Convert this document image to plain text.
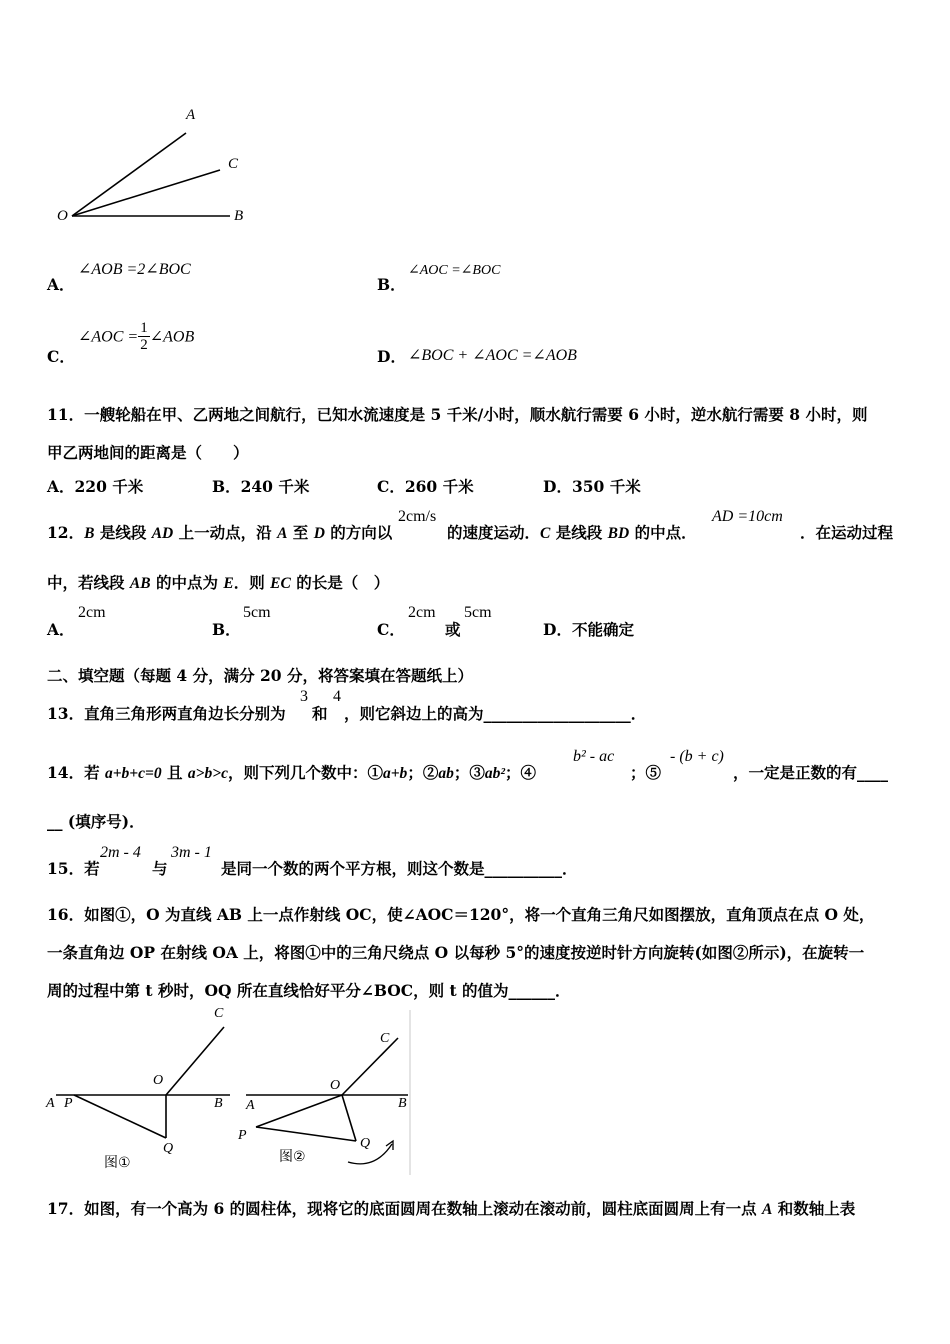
A
C
O	B
A．
∠AOB =2∠BOC
B．
∠AOC =∠BOC
C．
∠AOC = $\frac{1}{2}$ ∠AOB
D． ∠BOC + ∠AOC =∠AOB
11．一艘轮船在甲、乙两地之间航行，已知水流速度是 5 千米/小时，顺水航行需要 6 小时，逆水航行需要 8 小时，则
甲乙两地间的距离是（　　）
A．220 千米	B．240 千米	C．260 千米	D．350 千米
12．B 是线段 AD 上一动点，沿 A 至 D 的方向以
2cm/s
的速度运动．C 是线段 BD 的中点．
AD =10cm
．在运动过程
中，若线段 AB 的中点为 E．则 EC 的长是（　）
A．
2cm
B．
5cm
C．
2cm
或
5cm
D．不能确定
二、填空题（每题 4 分，满分 20 分，将答案填在答题纸上）
13．直角三角形两直角边长分别为
3
和
4
，则它斜边上的高为___________________．
14．若 a+b+c=0 且 a>b>c，则下列几个数中：①a+b；②ab；③ab²；④
b² - ac
；⑤
- (b + c)
，一定是正数的有____
__ (填序号)．
15．若
2m - 4
与
3m - 1
是同一个数的两个平方根，则这个数是__________．
16．如图①，O 为直线 AB 上一点作射线 OC，使∠AOC＝120°，将一个直角三角尺如图摆放，直角顶点在点 O 处，
一条直角边 OP 在射线 OA 上，将图①中的三角尺绕点 O 以每秒 5°的速度按逆时针方向旋转(如图②所示)，在旋转一
周的过程中第 t 秒时，OQ 所在直线恰好平分∠BOC，则 t 的值为______．
C
O
A P	B
Q
图①
C
O
A	B
P
Q
图②
17．如图，有一个高为 6 的圆柱体，现将它的底面圆周在数轴上滚动在滚动前，圆柱底面圆周上有一点 A 和数轴上表
